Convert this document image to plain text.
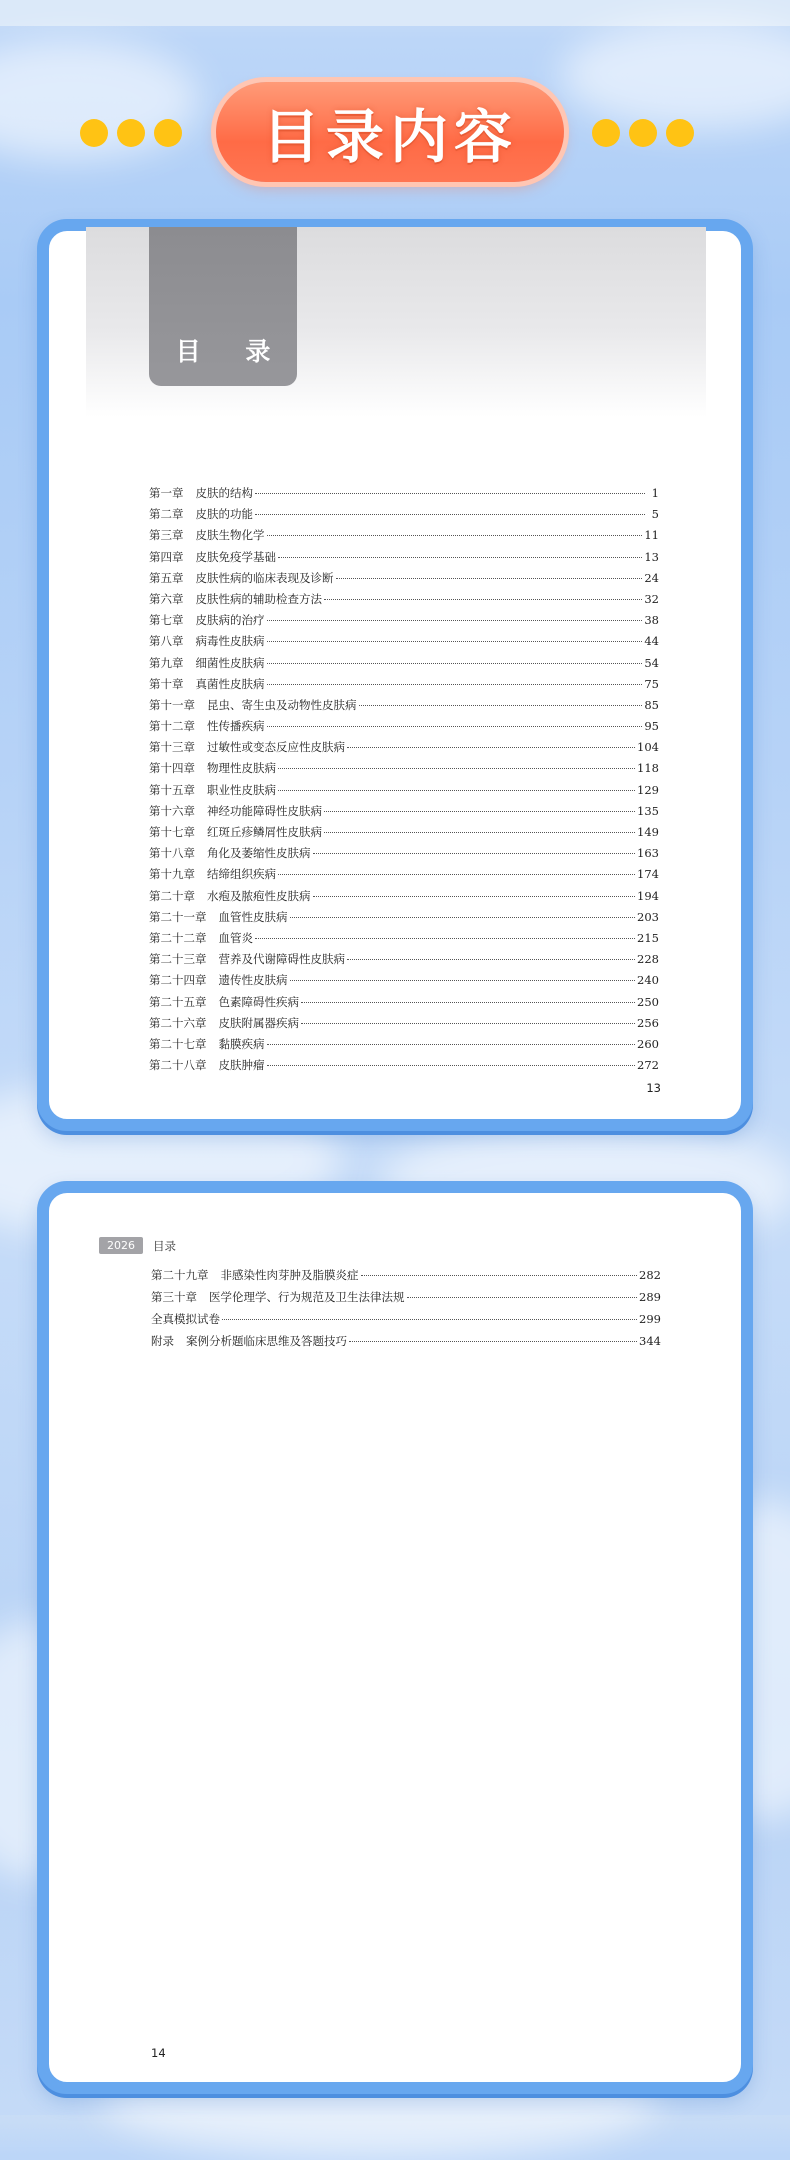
目录内容
目 录
第一章 皮肤的结构	1
第二章 皮肤的功能	5
第三章 皮肤生物化学	11
第四章 皮肤免疫学基础	13
第五章 皮肤性病的临床表现及诊断	24
第六章 皮肤性病的辅助检查方法	32
第七章 皮肤病的治疗	38
第八章 病毒性皮肤病	44
第九章 细菌性皮肤病	54
第十章 真菌性皮肤病	75
第十一章 昆虫、寄生虫及动物性皮肤病	85
第十二章 性传播疾病	95
第十三章 过敏性或变态反应性皮肤病	104
第十四章 物理性皮肤病	118
第十五章 职业性皮肤病	129
第十六章 神经功能障碍性皮肤病	135
第十七章 红斑丘疹鳞屑性皮肤病	149
第十八章 角化及萎缩性皮肤病	163
第十九章 结缔组织疾病	174
第二十章 水疱及脓疱性皮肤病	194
第二十一章 血管性皮肤病	203
第二十二章 血管炎	215
第二十三章 营养及代谢障碍性皮肤病	228
第二十四章 遗传性皮肤病	240
第二十五章 色素障碍性疾病	250
第二十六章 皮肤附属器疾病	256
第二十七章 黏膜疾病	260
第二十八章 皮肤肿瘤	272
13
2026	目录
第二十九章 非感染性肉芽肿及脂膜炎症	282
第三十章 医学伦理学、行为规范及卫生法律法规	289
全真模拟试卷	299
附录 案例分析题临床思维及答题技巧	344
14
